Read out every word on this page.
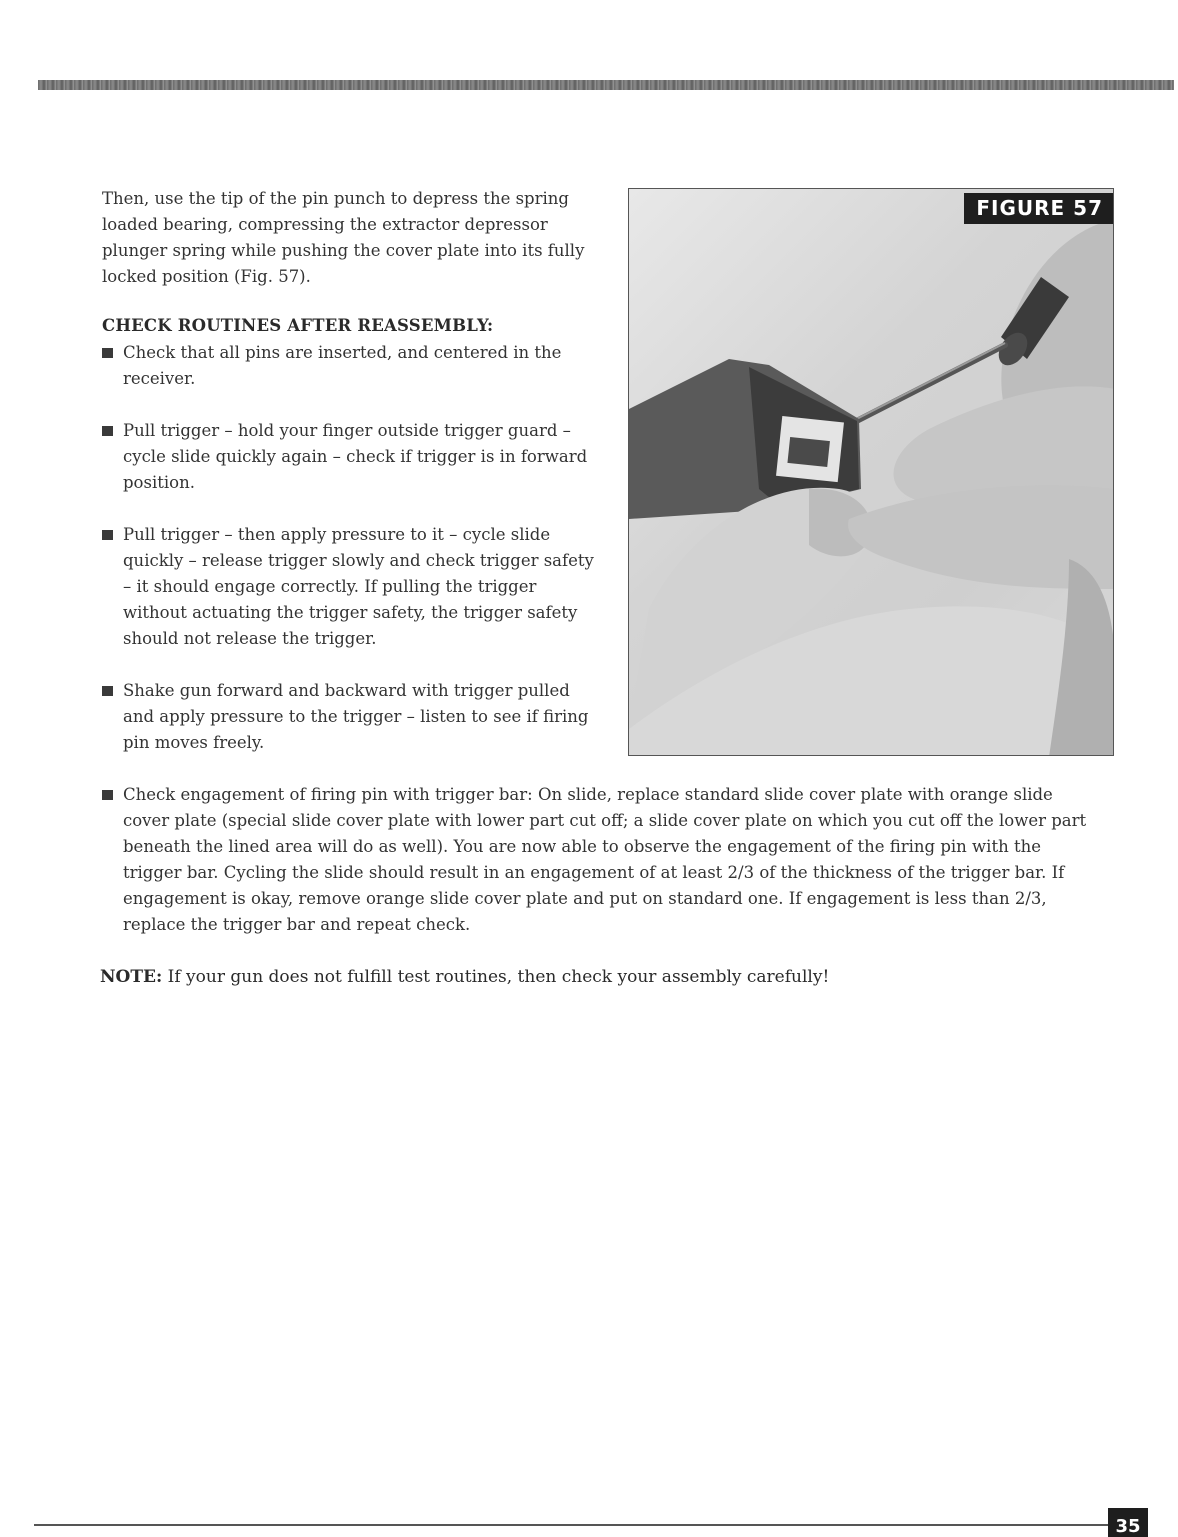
Then, use the tip of the pin punch to depress the spring loaded bearing, compressing the extractor depressor plunger spring while pushing the cover plate into its fully locked position (Fig. 57).

CHECK ROUTINES AFTER REASSEMBLY:

Check that all pins are inserted, and centered in the receiver.
Pull trigger – hold your finger outside trigger guard – cycle slide quickly again – check if trigger is in forward position.
Pull trigger – then apply pressure to it – cycle slide quickly – release trigger slowly and check trigger safety – it should engage correctly. If pulling the trigger without actuating the trigger safety, the trigger safety should not release the trigger.
Shake gun forward and backward with trigger pulled and apply pressure to the trigger – listen to see if firing pin moves freely.
Check engagement of firing pin with trigger bar: On slide, replace standard slide cover plate with orange slide cover plate (special slide cover plate with lower part cut off; a slide cover plate on which you cut off the lower part beneath the lined area will do as well). You are now able to observe the engagement of the firing pin with the trigger bar. Cycling the slide should result in an engagement of at least 2/3 of the thickness of the trigger bar. If engagement is okay, remove orange slide cover plate and put on standard one. If engagement is less than 2/3, replace the trigger bar and repeat check.
NOTE: If your gun does not fulfill test routines, then check your assembly carefully!
FIGURE 57
35
